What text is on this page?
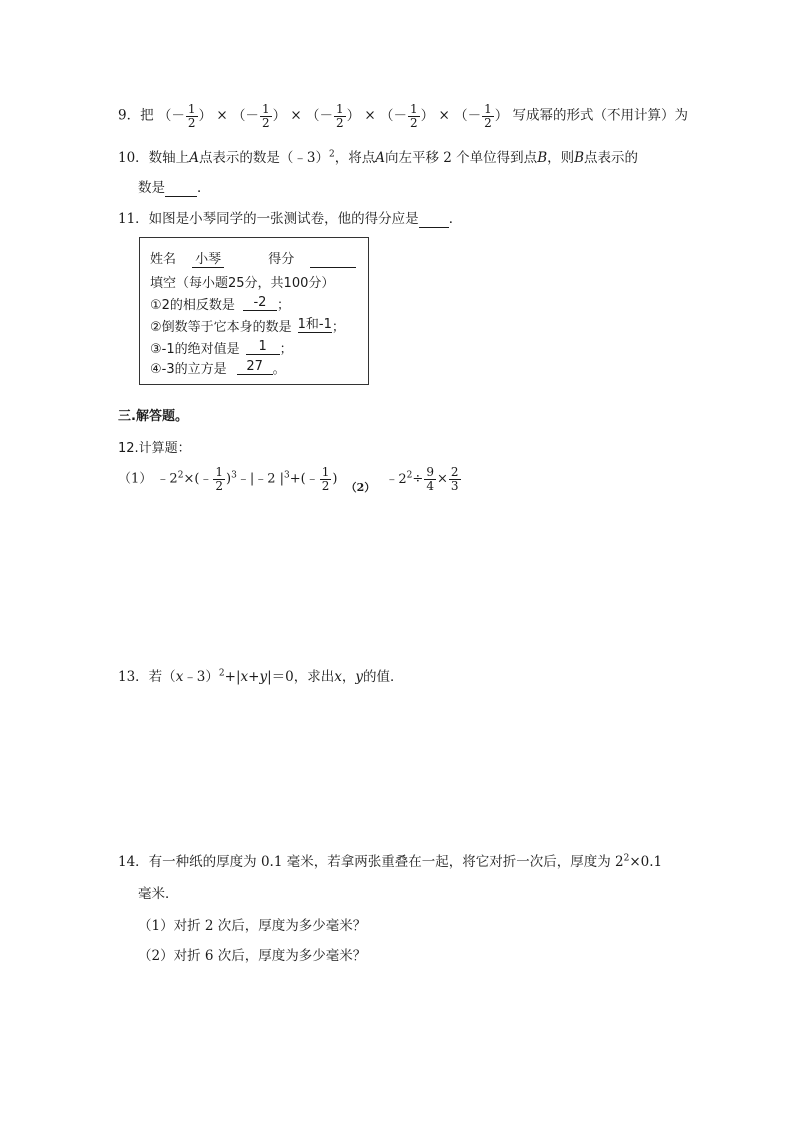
9．把 （－ $\frac{1}{2}$ ） × （－ $\frac{1}{2}$ ） × （－ $\frac{1}{2}$ ） × （－ $\frac{1}{2}$ ） × （－ $\frac{1}{2}$ ） 写成幂的形式（不用计算）为
10．数轴上A点表示的数是（﹣3）$^2$，将点A向左平移 2 个单位得到点B，则B点表示的
数是 ．
11．如图是小琴同学的一张测试卷，他的得分应是 ．
姓名 小琴	得分
填空（每小题25分，共100分）
①2的相反数是 -2 ；
②倒数等于它本身的数是 1和-1；
③-1的绝对值是 1 ；
④-3的立方是 27 。
三.解答题。
12.计算题：
（1） $﹣2^2\times(﹣ \frac{1}{2}$ )$^3$﹣|﹣2 $|^3+(﹣ \frac{1}{2}$ ) $_{(2)}$ $﹣2^2\div \frac{9}{4} \times \frac{2}{3}$
13．若（x﹣3）$^2$+|x+y|＝0，求出x，y的值．
14．有一种纸的厚度为 0.1 毫米，若拿两张重叠在一起，将它对折一次后，厚度为 $2^2\times 0.1$
毫米．
（1）对折 2 次后，厚度为多少毫米？
（2）对折 6 次后，厚度为多少毫米？
